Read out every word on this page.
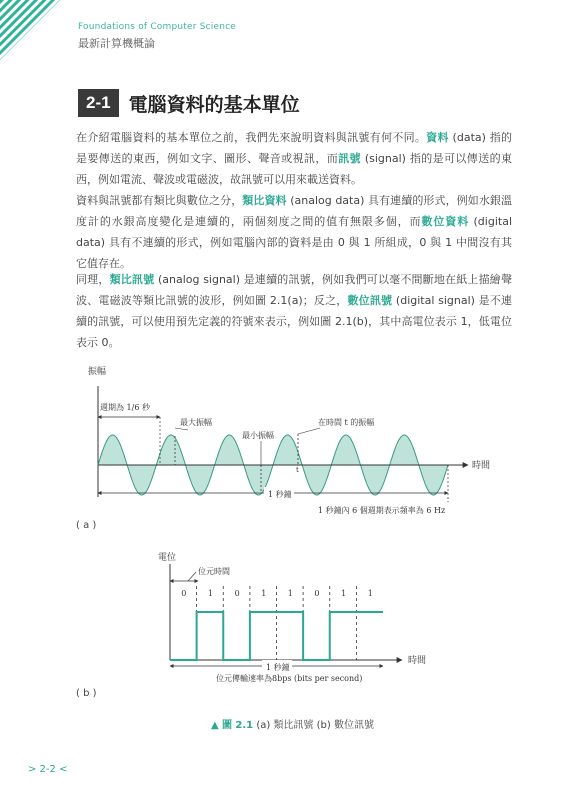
Foundations of Computer Science
最新計算機概論
2-1 電腦資料的基本單位
在介紹電腦資料的基本單位之前，我們先來說明資料與訊號有何不同。資料 (data) 指的是要傳送的東西，例如文字、圖形、聲音或視訊，而訊號 (signal) 指的是可以傳送的東西，例如電流、聲波或電磁波，故訊號可以用來載送資料。
資料與訊號都有類比與數位之分，類比資料 (analog data) 具有連續的形式，例如水銀溫度計的水銀高度變化是連續的，兩個刻度之間的值有無限多個，而數位資料 (digital data) 具有不連續的形式，例如電腦內部的資料是由 0 與 1 所組成，0 與 1 中間沒有其它值存在。
同理，類比訊號 (analog signal) 是連續的訊號，例如我們可以毫不間斷地在紙上描繪聲波、電磁波等類比訊號的波形，例如圖 2.1(a)；反之，數位訊號 (digital signal) 是不連續的訊號，可以使用預先定義的符號來表示，例如圖 2.1(b)，其中高電位表示 1，低電位表示 0。
振幅
時間
週期為 1/6 秒
最大振幅
最小振幅
在時間 t 的振幅
t
1 秒鐘
1 秒鐘內 6 個週期表示頻率為 6 Hz
( a )
電位
時間
位元時間
0	1	0	1	1	0	1	1
1 秒鐘
位元傳輸速率為8bps (bits per second)
( b )
▲ 圖 2.1 (a) 類比訊號 (b) 數位訊號
> 2-2 <
